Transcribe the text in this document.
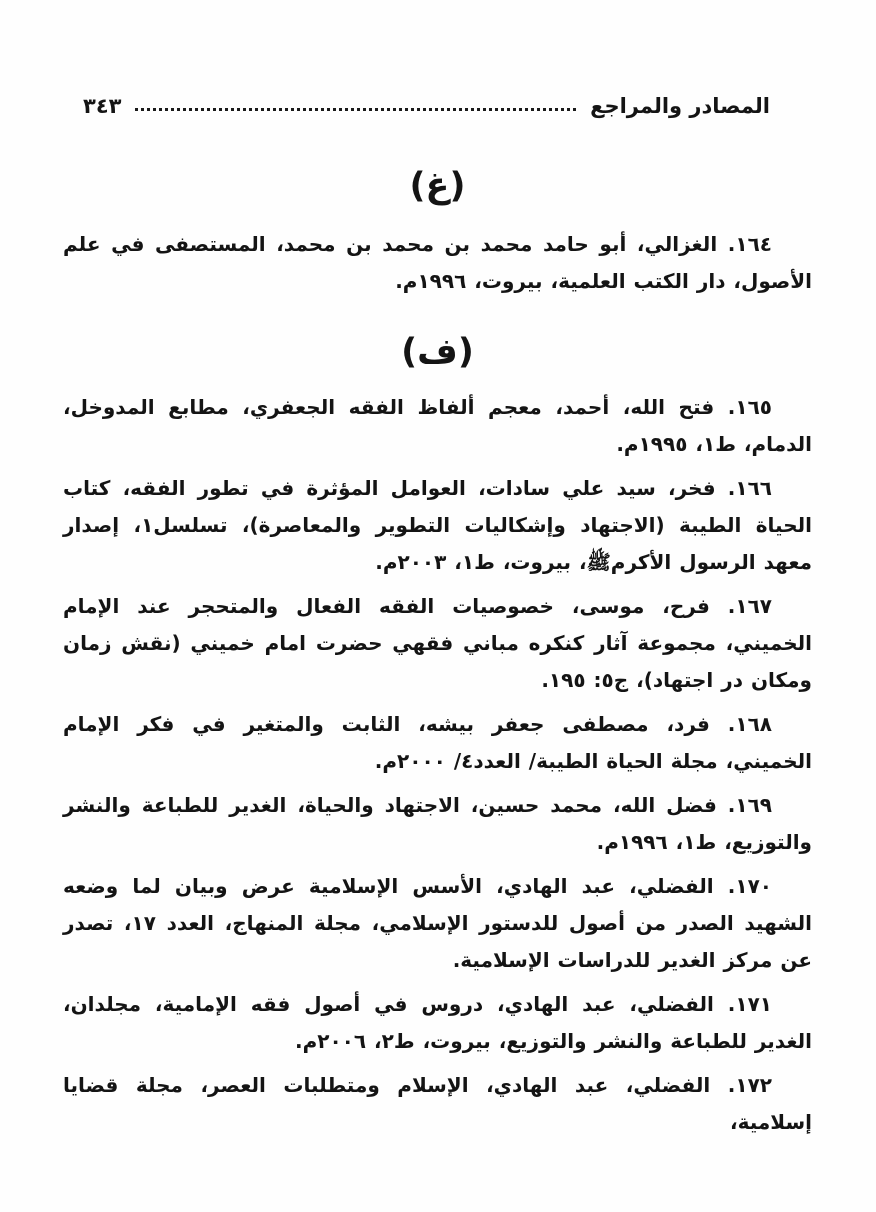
المصادر والمراجع
٣٤٣
(غ)

١٦٤. الغزالي، أبو حامد محمد بن محمد بن محمد، المستصفى في علم الأصول، دار الكتب العلمية، بيروت، ١٩٩٦م.

(ف)

١٦٥. فتح الله، أحمد، معجم ألفاظ الفقه الجعفري، مطابع المدوخل، الدمام، ط١، ١٩٩٥م.

١٦٦. فخر، سيد علي سادات، العوامل المؤثرة في تطور الفقه، كتاب الحياة الطيبة (الاجتهاد وإشكاليات التطوير والمعاصرة)، تسلسل١، إصدار معهد الرسول الأكرمﷺ، بيروت، ط١، ٢٠٠٣م.

١٦٧. فرح، موسى، خصوصيات الفقه الفعال والمتحجر عند الإمام الخميني، مجموعة آثار كنكره مباني فقهي حضرت امام خميني (نقش زمان ومكان در اجتهاد)، ج٥: ١٩٥.

١٦٨. فرد، مصطفى جعفر بيشه، الثابت والمتغير في فكر الإمام الخميني، مجلة الحياة الطيبة/ العدد٤/ ٢٠٠٠م.

١٦٩. فضل الله، محمد حسين، الاجتهاد والحياة، الغدير للطباعة والنشر والتوزيع، ط١، ١٩٩٦م.

١٧٠. الفضلي، عبد الهادي، الأسس الإسلامية عرض وبيان لما وضعه الشهيد الصدر من أصول للدستور الإسلامي، مجلة المنهاج، العدد ١٧، تصدر عن مركز الغدير للدراسات الإسلامية.

١٧١. الفضلي، عبد الهادي، دروس في أصول فقه الإمامية، مجلدان، الغدير للطباعة والنشر والتوزيع، بيروت، ط٢، ٢٠٠٦م.

١٧٢. الفضلي، عبد الهادي، الإسلام ومتطلبات العصر، مجلة قضايا إسلامية،
